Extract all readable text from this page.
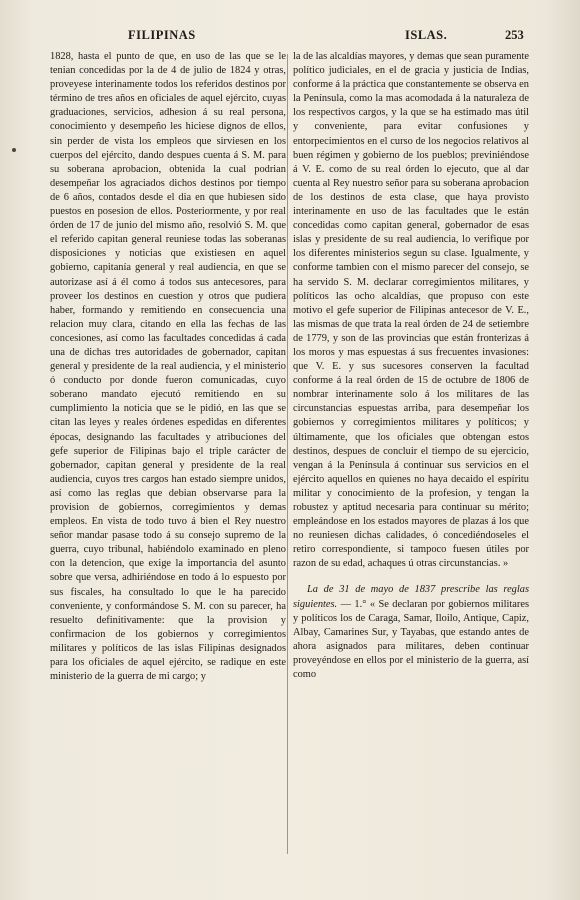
FILIPINAS	ISLAS.	253

1828, hasta el punto de que, en uso de las que se le tenian concedidas por la de 4 de julio de 1824 y otras, proveyese interinamente todos los referidos destinos por término de tres años en oficiales de aquel ejército, cuyas graduaciones, servicios, adhesion á su real persona, conocimiento y desempeño les hiciese dignos de ellos, sin perder de vista los empleos que sirviesen en los cuerpos del ejército, dando despues cuenta á S. M. para su soberana aprobacion, obtenida la cual podrian desempeñar los agraciados dichos destinos por tiempo de 6 años, contados desde el dia en que hubiesen sido puestos en posesion de ellos. Posteriormente, y por real órden de 17 de junio del mismo año, resolvió S. M. que el referido capitan general reuniese todas las soberanas disposiciones y noticias que existiesen en aquel gobierno, capitanía general y real audiencia, en que se autorizase así á él como á todos sus antecesores, para proveer los destinos en cuestion y otros que pudiera haber, formando y remitiendo en consecuencia una relacion muy clara, citando en ella las fechas de las concesiones, así como las facultades concedidas á cada una de dichas tres autoridades de gobernador, capitan general y presidente de la real audiencia, y el ministerio ó conducto por donde fueron comunicadas, cuyo soberano mandato ejecutó remitiendo en su cumplimiento la noticia que se le pidió, en las que se citan las leyes y reales órdenes espedidas en diferentes épocas, designando las facultades y atribuciones del gefe superior de Filipinas bajo el triple carácter de gobernador, capitan general y presidente de la real audiencia, cuyos tres cargos han estado siempre unidos, así como las reglas que debian observarse para la provision de gobiernos, corregimientos y demas empleos. En vista de todo tuvo á bien el Rey nuestro señor mandar pasase todo á su consejo supremo de la guerra, cuyo tribunal, habiéndolo examinado en pleno con la detencion, que exige la importancia del asunto sobre que versa, adhiriéndose en todo á lo espuesto por sus fiscales, ha consultado lo que le ha parecido conveniente, y conformándose S. M. con su parecer, ha resuelto definitivamente: que la provision y confirmacion de los gobiernos y corregimientos militares y políticos de las islas Filipinas designados para los oficiales de aquel ejército, se radique en este ministerio de la guerra de mi cargo; y

la de las alcaldías mayores, y demas que sean puramente político judiciales, en el de gracia y justicia de Indias, conforme á la práctica que constantemente se observa en la Península, como la mas acomodada á la naturaleza de los respectivos cargos, y la que se ha estimado mas útil y conveniente, para evitar confusiones y entorpecimientos en el curso de los negocios relativos al buen régimen y gobierno de los pueblos; previniéndose á V. E. como de su real órden lo ejecuto, que al dar cuenta al Rey nuestro señor para su soberana aprobacion de los destinos de esta clase, que haya provisto interinamente en uso de las facultades que le están concedidas como capitan general, gobernador de esas islas y presidente de su real audiencia, lo verifique por los diferentes ministerios segun su clase. Igualmente, y conforme tambien con el mismo parecer del consejo, se ha servido S. M. declarar corregimientos militares, y políticos las ocho alcaldías, que propuso con este motivo el gefe superior de Filipinas antecesor de V. E., las mismas de que trata la real órden de 24 de setiembre de 1779, y son de las provincias que están fronterizas á los moros y mas espuestas á sus frecuentes invasiones: que V. E. y sus sucesores conserven la facultad conforme á la real órden de 15 de octubre de 1806 de nombrar interinamente solo á los militares de las circunstancias espuestas arriba, para desempeñar los gobiernos y corregimientos militares y políticos; y últimamente, que los oficiales que obtengan estos destinos, despues de concluir el tiempo de su ejercicio, vengan á la Península á continuar sus servicios en el ejército aquellos en quienes no haya decaido el espíritu militar y conocimiento de la profesion, y tengan la robustez y aptitud necesaria para continuar su mérito; empleándose en los estados mayores de plazas á los que no reuniesen dichas calidades, ó concediéndoseles el retiro correspondiente, si tampoco fuesen útiles por razon de su edad, achaques ú otras circunstancias. »

La de 31 de mayo de 1837 prescribe las reglas siguientes. — 1.° « Se declaran por gobiernos militares y políticos los de Caraga, Samar, Iloilo, Antique, Capiz, Albay, Camarines Sur, y Tayabas, que estando antes de ahora asignados para militares, deben continuar proveyéndose en ellos por el ministerio de la guerra, así como
